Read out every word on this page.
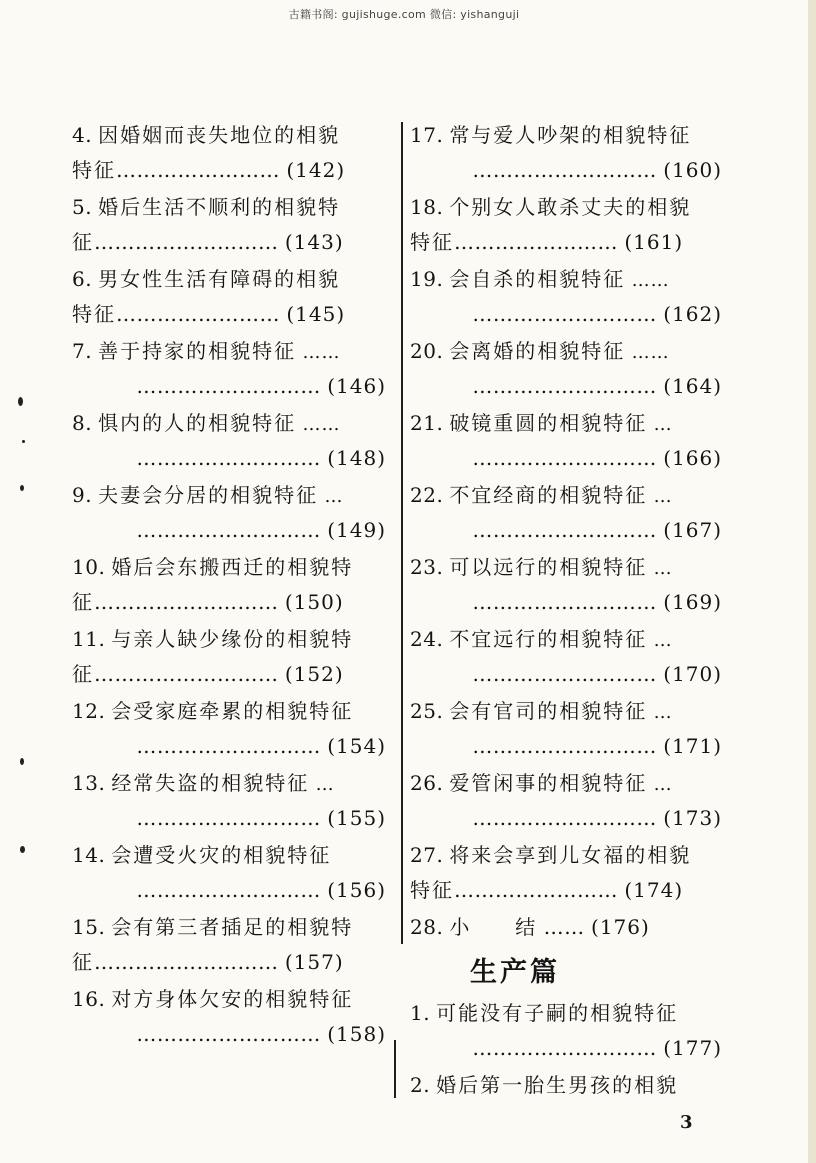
古籍书阁: gujishuge.com 微信: yishanguji
4. 因婚姻而丧失地位的相貌
特征…………………… (142)
5. 婚后生活不顺利的相貌特
征……………………… (143)
6. 男女性生活有障碍的相貌
特征…………………… (145)
7. 善于持家的相貌特征 ……
……………………… (146)
8. 惧内的人的相貌特征 ……
……………………… (148)
9. 夫妻会分居的相貌特征 …
……………………… (149)
10. 婚后会东搬西迁的相貌特
征……………………… (150)
11. 与亲人缺少缘份的相貌特
征……………………… (152)
12. 会受家庭牵累的相貌特征
……………………… (154)
13. 经常失盗的相貌特征 …
……………………… (155)
14. 会遭受火灾的相貌特征
……………………… (156)
15. 会有第三者插足的相貌特
征……………………… (157)
16. 对方身体欠安的相貌特征
……………………… (158)
17. 常与爱人吵架的相貌特征
……………………… (160)
18. 个别女人敢杀丈夫的相貌
特征…………………… (161)
19. 会自杀的相貌特征 ……
……………………… (162)
20. 会离婚的相貌特征 ……
……………………… (164)
21. 破镜重圆的相貌特征 …
……………………… (166)
22. 不宜经商的相貌特征 …
……………………… (167)
23. 可以远行的相貌特征 …
……………………… (169)
24. 不宜远行的相貌特征 …
……………………… (170)
25. 会有官司的相貌特征 …
……………………… (171)
26. 爱管闲事的相貌特征 …
……………………… (173)
27. 将来会享到儿女福的相貌
特征…………………… (174)
28. 小　　结 …… (176)
生产篇
1. 可能没有子嗣的相貌特征
……………………… (177)
2. 婚后第一胎生男孩的相貌
3
